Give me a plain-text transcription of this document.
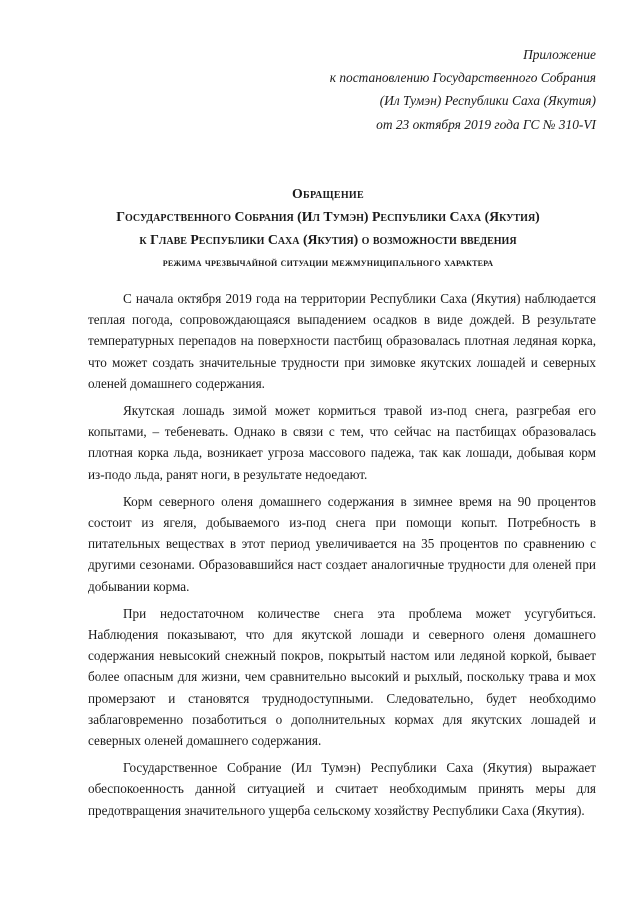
Приложение
к постановлению Государственного Собрания
(Ил Тумэн) Республики Саха (Якутия)
от 23 октября 2019 года ГС № 310-VI
Обращение
Государственного Собрания (Ил Тумэн) Республики Саха (Якутия)
к Главе Республики Саха (Якутия) о возможности введения
режима чрезвычайной ситуации межмуниципального характера

С начала октября 2019 года на территории Республики Саха (Якутия) наблюдается теплая погода, сопровождающаяся выпадением осадков в виде дождей. В результате температурных перепадов на поверхности пастбищ образовалась плотная ледяная корка, что может создать значительные трудности при зимовке якутских лошадей и северных оленей домашнего содержания.

Якутская лошадь зимой может кормиться травой из-под снега, разгребая его копытами, – тебеневать. Однако в связи с тем, что сейчас на пастбищах образовалась плотная корка льда, возникает угроза массового падежа, так как лошади, добывая корм из-подо льда, ранят ноги, в результате недоедают.

Корм северного оленя домашнего содержания в зимнее время на 90 процентов состоит из ягеля, добываемого из-под снега при помощи копыт. Потребность в питательных веществах в этот период увеличивается на 35 процентов по сравнению с другими сезонами. Образовавшийся наст создает аналогичные трудности для оленей при добывании корма.

При недостаточном количестве снега эта проблема может усугубиться. Наблюдения показывают, что для якутской лошади и северного оленя домашнего содержания невысокий снежный покров, покрытый настом или ледяной коркой, бывает более опасным для жизни, чем сравнительно высокий и рыхлый, поскольку трава и мох промерзают и становятся труднодоступными. Следовательно, будет необходимо заблаговременно позаботиться о дополнительных кормах для якутских лошадей и северных оленей домашнего содержания.

Государственное Собрание (Ил Тумэн) Республики Саха (Якутия) выражает обеспокоенность данной ситуацией и считает необходимым принять меры для предотвращения значительного ущерба сельскому хозяйству Республики Саха (Якутия).
